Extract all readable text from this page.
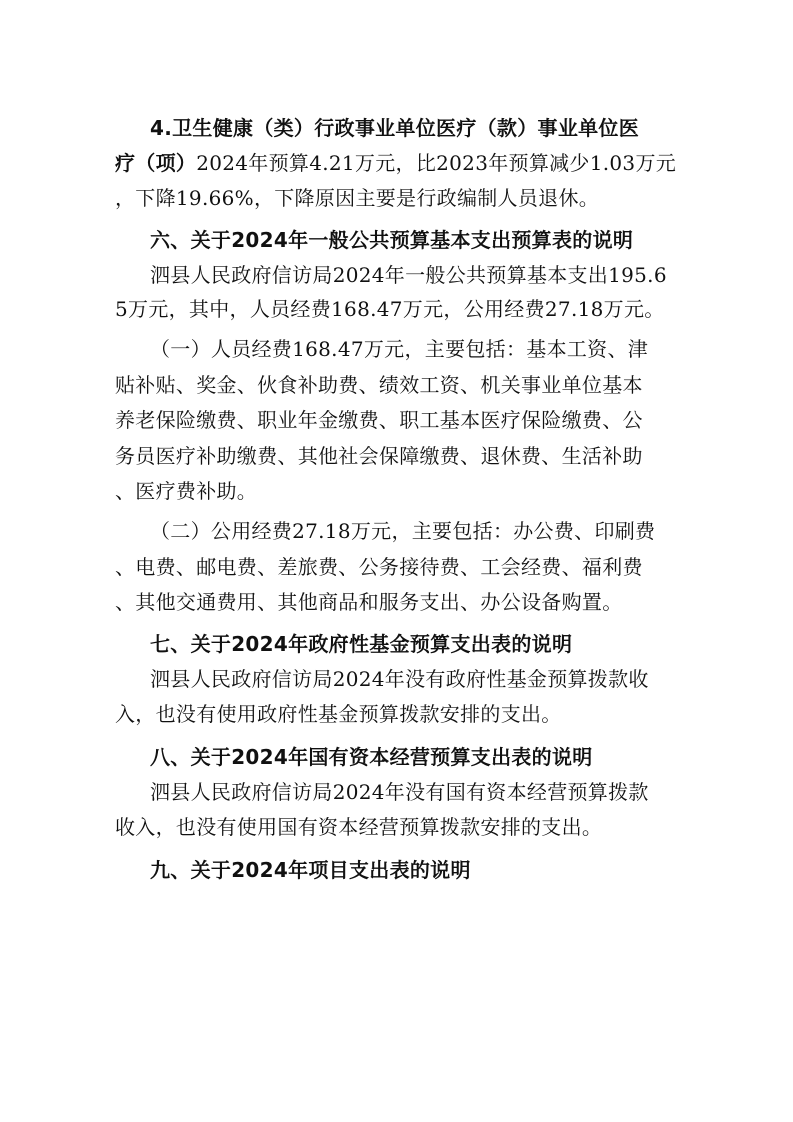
4.卫生健康（类）行政事业单位医疗（款）事业单位医

疗（项）2024年预算4.21万元，比2023年预算减少1.03万元

，下降19.66%，下降原因主要是行政编制人员退休。

六、关于2024年一般公共预算基本支出预算表的说明

泗县人民政府信访局2024年一般公共预算基本支出195.6

5万元，其中，人员经费168.47万元，公用经费27.18万元。

（一）人员经费168.47万元，主要包括：基本工资、津

贴补贴、奖金、伙食补助费、绩效工资、机关事业单位基本

养老保险缴费、职业年金缴费、职工基本医疗保险缴费、公

务员医疗补助缴费、其他社会保障缴费、退休费、生活补助

、医疗费补助。

（二）公用经费27.18万元，主要包括：办公费、印刷费

、电费、邮电费、差旅费、公务接待费、工会经费、福利费

、其他交通费用、其他商品和服务支出、办公设备购置。

七、关于2024年政府性基金预算支出表的说明

泗县人民政府信访局2024年没有政府性基金预算拨款收

入，也没有使用政府性基金预算拨款安排的支出。

八、关于2024年国有资本经营预算支出表的说明

泗县人民政府信访局2024年没有国有资本经营预算拨款

收入，也没有使用国有资本经营预算拨款安排的支出。

九、关于2024年项目支出表的说明
